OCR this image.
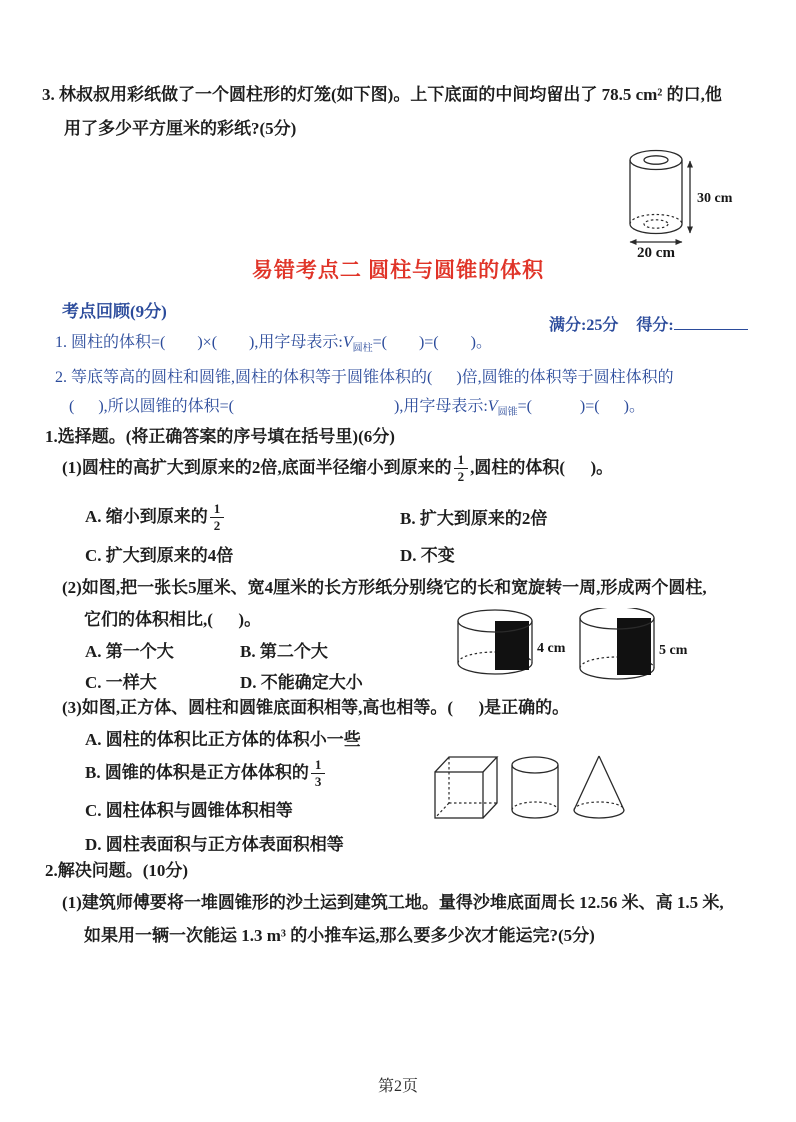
3. 林叔叔用彩纸做了一个圆柱形的灯笼(如下图)。上下底面的中间均留出了 78.5 cm² 的口,他
用了多少平方厘米的彩纸?(5分)
30 cm
20 cm
易错考点二 圆柱与圆锥的体积

满分:25分 得分:

考点回顾(9分)
1. 圆柱的体积=(        )×(        ),用字母表示$:V_{圆柱}=$(        )=(        )。
2. 等底等高的圆柱和圆锥,圆柱的体积等于圆锥体积的(      )倍,圆锥的体积等于圆柱体积的
(      ),所以圆锥的体积=(                                        ),用字母表示$:V_{圆锥}=$(            )=(      )。
1.选择题。(将正确答案的序号填在括号里)(6分)
(1)圆柱的高扩大到原来的2倍,底面半径缩小到原来的 $\frac{1}{2}$ ,圆柱的体积(      )。
A. 缩小到原来的 $\frac{1}{2}$	B. 扩大到原来的2倍
C. 扩大到原来的4倍	D. 不变
(2)如图,把一张长5厘米、宽4厘米的长方形纸分别绕它的长和宽旋转一周,形成两个圆柱,
它们的体积相比,(      )。
A. 第一个大	B. 第二个大
C. 一样大	D. 不能确定大小
4 cm	5 cm
(3)如图,正方体、圆柱和圆锥底面积相等,高也相等。(      )是正确的。
A. 圆柱的体积比正方体的体积小一些
B. 圆锥的体积是正方体体积的 $\frac{1}{3}$
C. 圆柱体积与圆锥体积相等
D. 圆柱表面积与正方体表面积相等
2.解决问题。(10分)
(1)建筑师傅要将一堆圆锥形的沙土运到建筑工地。量得沙堆底面周长 12.56 米、高 1.5 米,
如果用一辆一次能运 1.3 m³ 的小推车运,那么要多少次才能运完?(5分)
第2页
